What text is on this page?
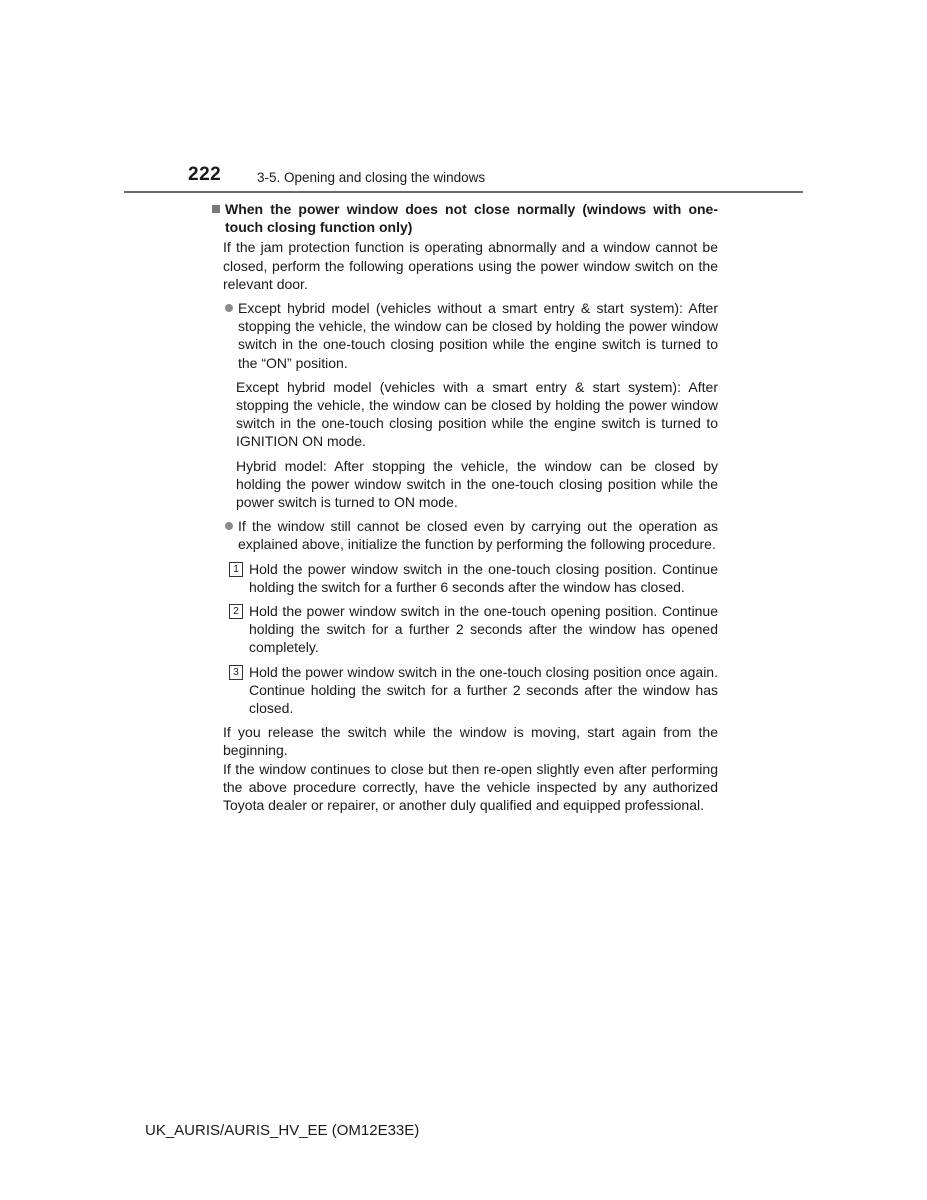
222	3-5. Opening and closing the windows
When the power window does not close normally (windows with one-touch closing function only)
If the jam protection function is operating abnormally and a window cannot be closed, perform the following operations using the power window switch on the relevant door.
Except hybrid model (vehicles without a smart entry & start system): After stopping the vehicle, the window can be closed by holding the power window switch in the one-touch closing position while the engine switch is turned to the “ON” position.
Except hybrid model (vehicles with a smart entry & start system): After stopping the vehicle, the window can be closed by holding the power window switch in the one-touch closing position while the engine switch is turned to IGNITION ON mode.
Hybrid model: After stopping the vehicle, the window can be closed by holding the power window switch in the one-touch closing position while the power switch is turned to ON mode.
If the window still cannot be closed even by carrying out the operation as explained above, initialize the function by performing the following procedure.
1 Hold the power window switch in the one-touch closing position. Continue holding the switch for a further 6 seconds after the window has closed.
2 Hold the power window switch in the one-touch opening position. Continue holding the switch for a further 2 seconds after the window has opened completely.
3 Hold the power window switch in the one-touch closing position once again. Continue holding the switch for a further 2 seconds after the window has closed.
If you release the switch while the window is moving, start again from the beginning.
If the window continues to close but then re-open slightly even after performing the above procedure correctly, have the vehicle inspected by any authorized Toyota dealer or repairer, or another duly qualified and equipped professional.
UK_AURIS/AURIS_HV_EE (OM12E33E)
